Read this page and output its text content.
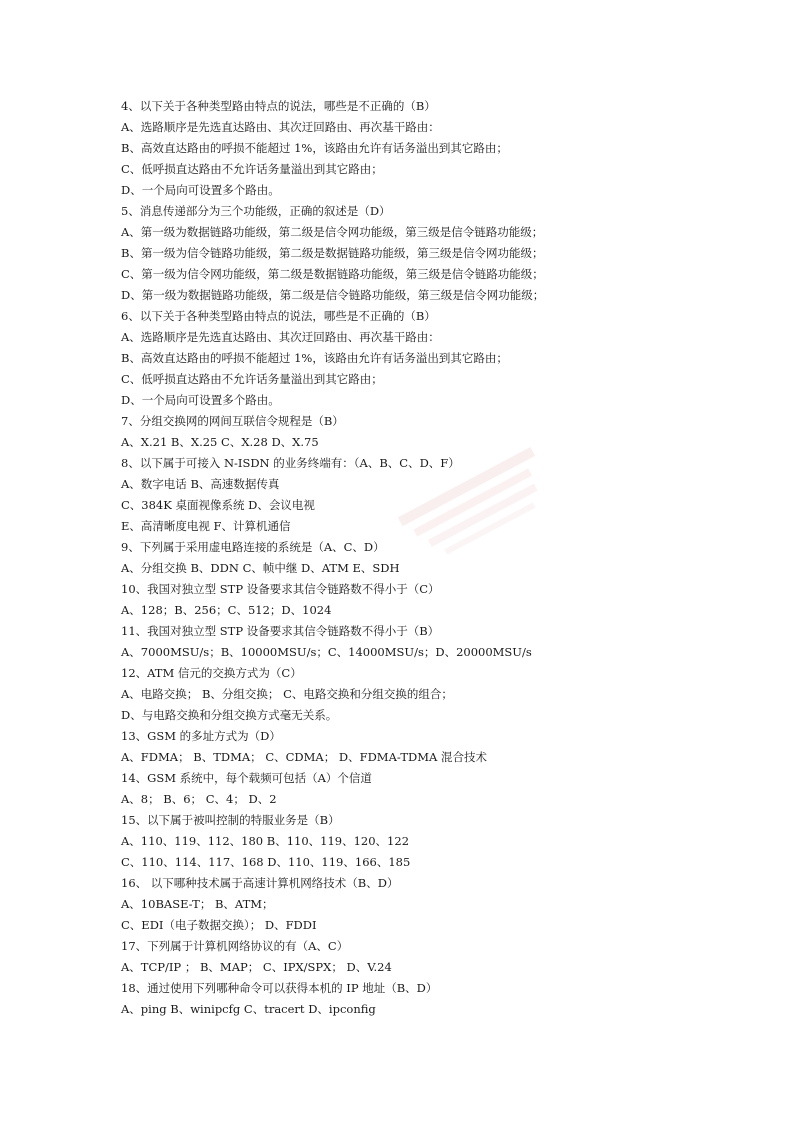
4、以下关于各种类型路由特点的说法，哪些是不正确的（B）
A、选路顺序是先选直达路由、其次迂回路由、再次基干路由：
B、高效直达路由的呼损不能超过 1%，该路由允许有话务溢出到其它路由；
C、低呼损直达路由不允许话务量溢出到其它路由；
D、一个局向可设置多个路由。
5、消息传递部分为三个功能级，正确的叙述是（D）
A、第一级为数据链路功能级，第二级是信令网功能级，第三级是信令链路功能级；
B、第一级为信令链路功能级，第二级是数据链路功能级，第三级是信令网功能级；
C、第一级为信令网功能级，第二级是数据链路功能级，第三级是信令链路功能级；
D、第一级为数据链路功能级，第二级是信令链路功能级，第三级是信令网功能级；
6、以下关于各种类型路由特点的说法，哪些是不正确的（B）
A、选路顺序是先选直达路由、其次迂回路由、再次基干路由：
B、高效直达路由的呼损不能超过 1%，该路由允许有话务溢出到其它路由；
C、低呼损直达路由不允许话务量溢出到其它路由；
D、一个局向可设置多个路由。
7、分组交换网的网间互联信令规程是（B）
A、X.21 B、X.25 C、X.28 D、X.75
8、以下属于可接入 N-ISDN 的业务终端有：（A、B、C、D、F）
A、数字电话 B、高速数据传真
C、384K 桌面视像系统 D、会议电视
E、高清晰度电视 F、计算机通信
9、下列属于采用虚电路连接的系统是（A、C、D）
A、分组交换 B、DDN C、帧中继 D、ATM E、SDH
10、我国对独立型 STP 设备要求其信令链路数不得小于（C）
A、128；B、256；C、512；D、1024
11、我国对独立型 STP 设备要求其信令链路数不得小于（B）
A、7000MSU/s；B、10000MSU/s；C、14000MSU/s；D、20000MSU/s
12、ATM 信元的交换方式为（C）
A、电路交换； B、分组交换； C、电路交换和分组交换的组合；
D、与电路交换和分组交换方式毫无关系。
13、GSM 的多址方式为（D）
A、FDMA； B、TDMA； C、CDMA； D、FDMA-TDMA 混合技术
14、GSM 系统中，每个载频可包括（A）个信道
A、8； B、6； C、4； D、2
15、以下属于被叫控制的特服业务是（B）
A、110、119、112、180 B、110、119、120、122
C、110、114、117、168 D、110、119、166、185
16、 以下哪种技术属于高速计算机网络技术（B、D）
A、10BASE-T； B、ATM；
C、EDI（电子数据交换）； D、FDDI
17、下列属于计算机网络协议的有（A、C）
A、TCP/IP ； B、MAP； C、IPX/SPX； D、V.24
18、通过使用下列哪种命令可以获得本机的 IP 地址（B、D）
A、ping B、winipcfg C、tracert D、ipconfig
